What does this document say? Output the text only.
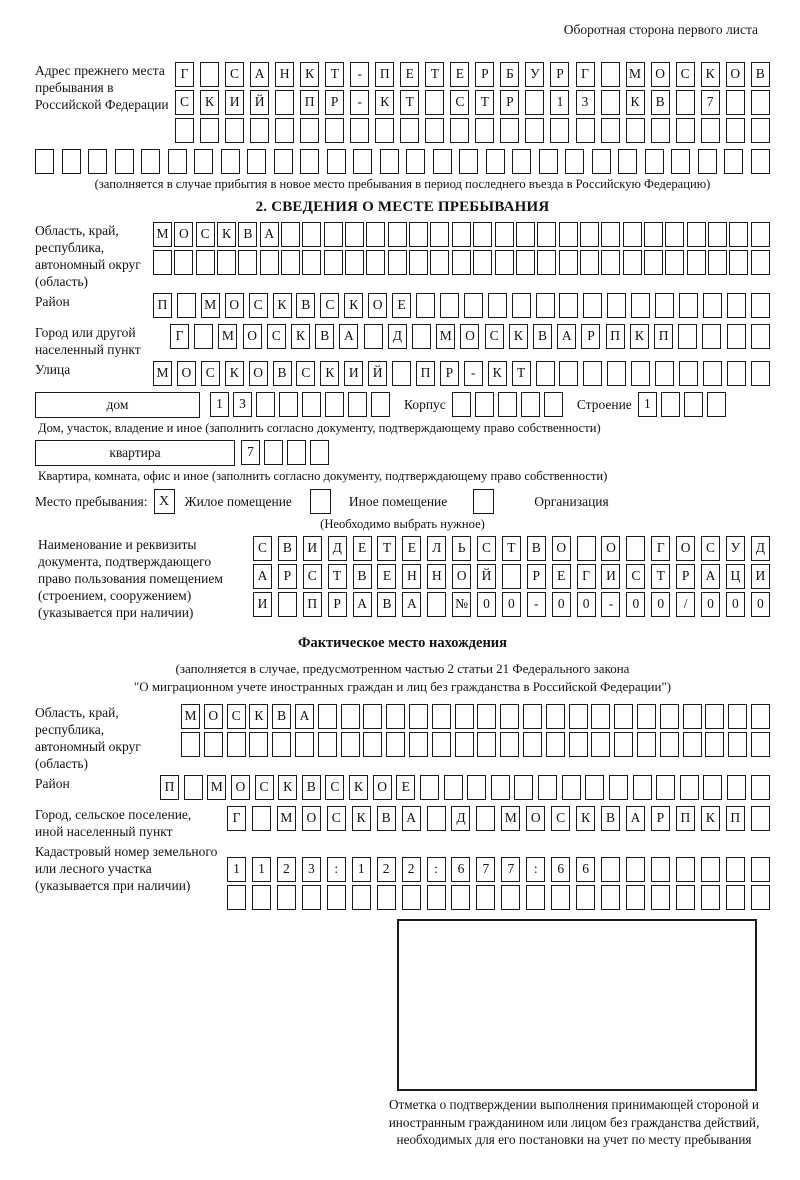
Оборотная сторона первого листа
Адрес прежнего места пребывания в Российской Федерации
Г	С	А	Н	К	Т	-	П	Е	Т	Е	Р	Б	У	Р	Г	М	О	С	К	О	В
С	К	И	Й	П	Р	-	К	Т	С	Т	Р	1	3	К	В	7
(заполняется в случае прибытия в новое место пребывания в период последнего въезда в Российскую Федерацию)
2. СВЕДЕНИЯ О МЕСТЕ ПРЕБЫВАНИЯ
Область, край, республика, автономный округ (область)
М О С К В А
Район	П	М О	С	К	В	С	К	О	Е
Город или другой населенный пункт
Г	М О	С	К	В	А	Д	М О	С	К	В	А	Р	П	К	П
Улица	М О	С	К	О	В	С	К	И	Й	П	Р	-	К	Т
дом	1	3	Корпус	Строение 1
Дом, участок, владение и иное (заполнить согласно документу, подтверждающему право собственности)
квартира	7
Квартира, комната, офис и иное (заполнить согласно документу, подтверждающему право собственности)
Место пребывания: X	Жилое помещение	Иное помещение	Организация
(Необходимо выбрать нужное)
Наименование и реквизиты документа, подтверждающего право пользования помещением (строением, сооружением) (указывается при наличии)
С	В	И	Д	Е	Т	Е	Л	Ь	С	Т	В	О	О	Г	О	С	У	Д
А	Р	С	Т	В	Е	Н	Н	О	Й	Р	Е	Г	И	С	Т	Р	А	Ц	И
И	П	Р	А	В	А	№	0	0	-	0	0	-	0	0	/	0	0	0
Фактическое место нахождения
(заполняется в случае, предусмотренном частью 2 статьи 21 Федерального закона
"О миграционном учете иностранных граждан и лиц без гражданства в Российской Федерации")
Область, край, республика, автономный округ (область)
М О С	К	В А
Район	П	М О	С	К	В	С	К	О	Е
Город, сельское поселение, иной населенный пункт
Г	М	О	С	К	В	А	Д	М	О	С	К	В	А	Р	П	К	П
Кадастровый номер земельного или лесного участка (указывается при наличии)
1	1	2	3	:	1	2	2	:	6	7	7	:	6	6
Отметка о подтверждении выполнения принимающей стороной и иностранным гражданином или лицом без гражданства действий, необходимых для его постановки на учет по месту пребывания
